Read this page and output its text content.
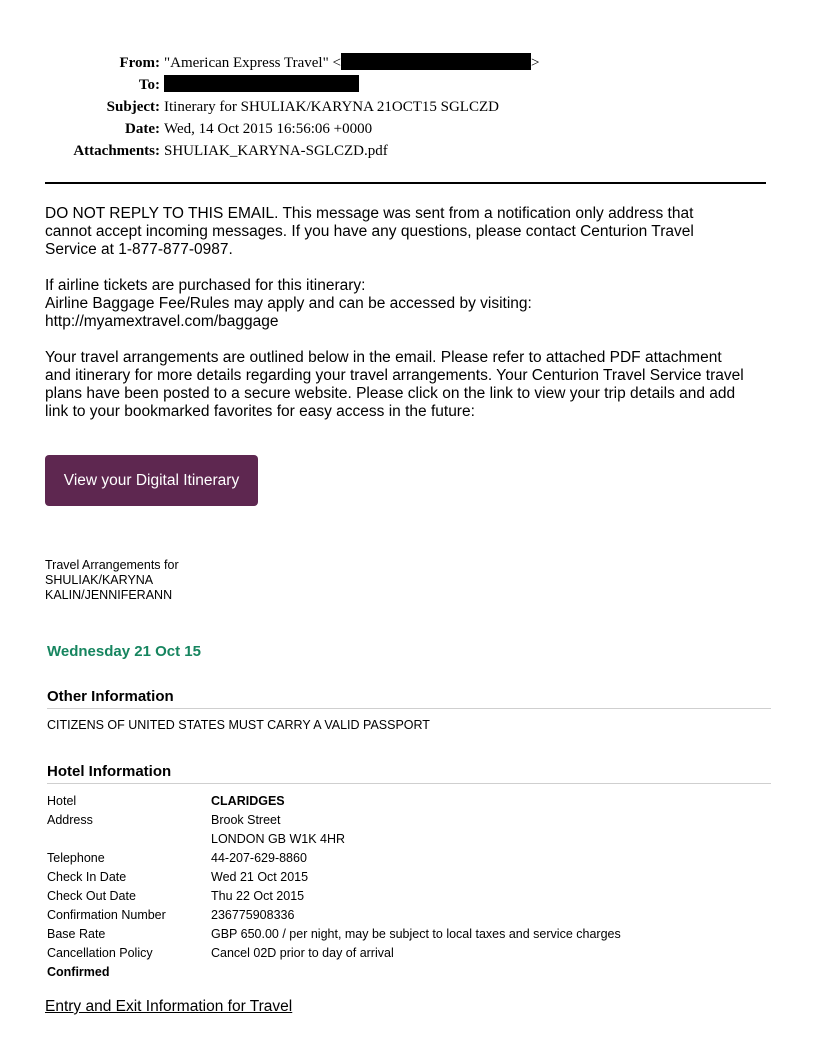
From: "American Express Travel" <	>
To:
Subject: Itinerary for SHULIAK/KARYNA 21OCT15 SGLCZD
Date: Wed, 14 Oct 2015 16:56:06 +0000
Attachments: SHULIAK_KARYNA-SGLCZD.pdf
DO NOT REPLY TO THIS EMAIL. This message was sent from a notification only address that
cannot accept incoming messages. If you have any questions, please contact Centurion Travel
Service at 1-877-877-0987.
If airline tickets are purchased for this itinerary:
Airline Baggage Fee/Rules may apply and can be accessed by visiting:
http://myamextravel.com/baggage
Your travel arrangements are outlined below in the email. Please refer to attached PDF attachment
and itinerary for more details regarding your travel arrangements. Your Centurion Travel Service travel
plans have been posted to a secure website. Please click on the link to view your trip details and add
link to your bookmarked favorites for easy access in the future:
View your Digital Itinerary
Travel Arrangements for
SHULIAK/KARYNA
KALIN/JENNIFERANN
Wednesday 21 Oct 15
Other Information
CITIZENS OF UNITED STATES MUST CARRY A VALID PASSPORT
Hotel Information
Hotel	CLARIDGES
Address	Brook Street
LONDON GB W1K 4HR
Telephone	44-207-629-8860
Check In Date	Wed 21 Oct 2015
Check Out Date	Thu 22 Oct 2015
Confirmation Number	236775908336
Base Rate	GBP 650.00 / per night, may be subject to local taxes and service charges
Cancellation Policy	Cancel 02D prior to day of arrival
Confirmed
Entry and Exit Information for Travel
